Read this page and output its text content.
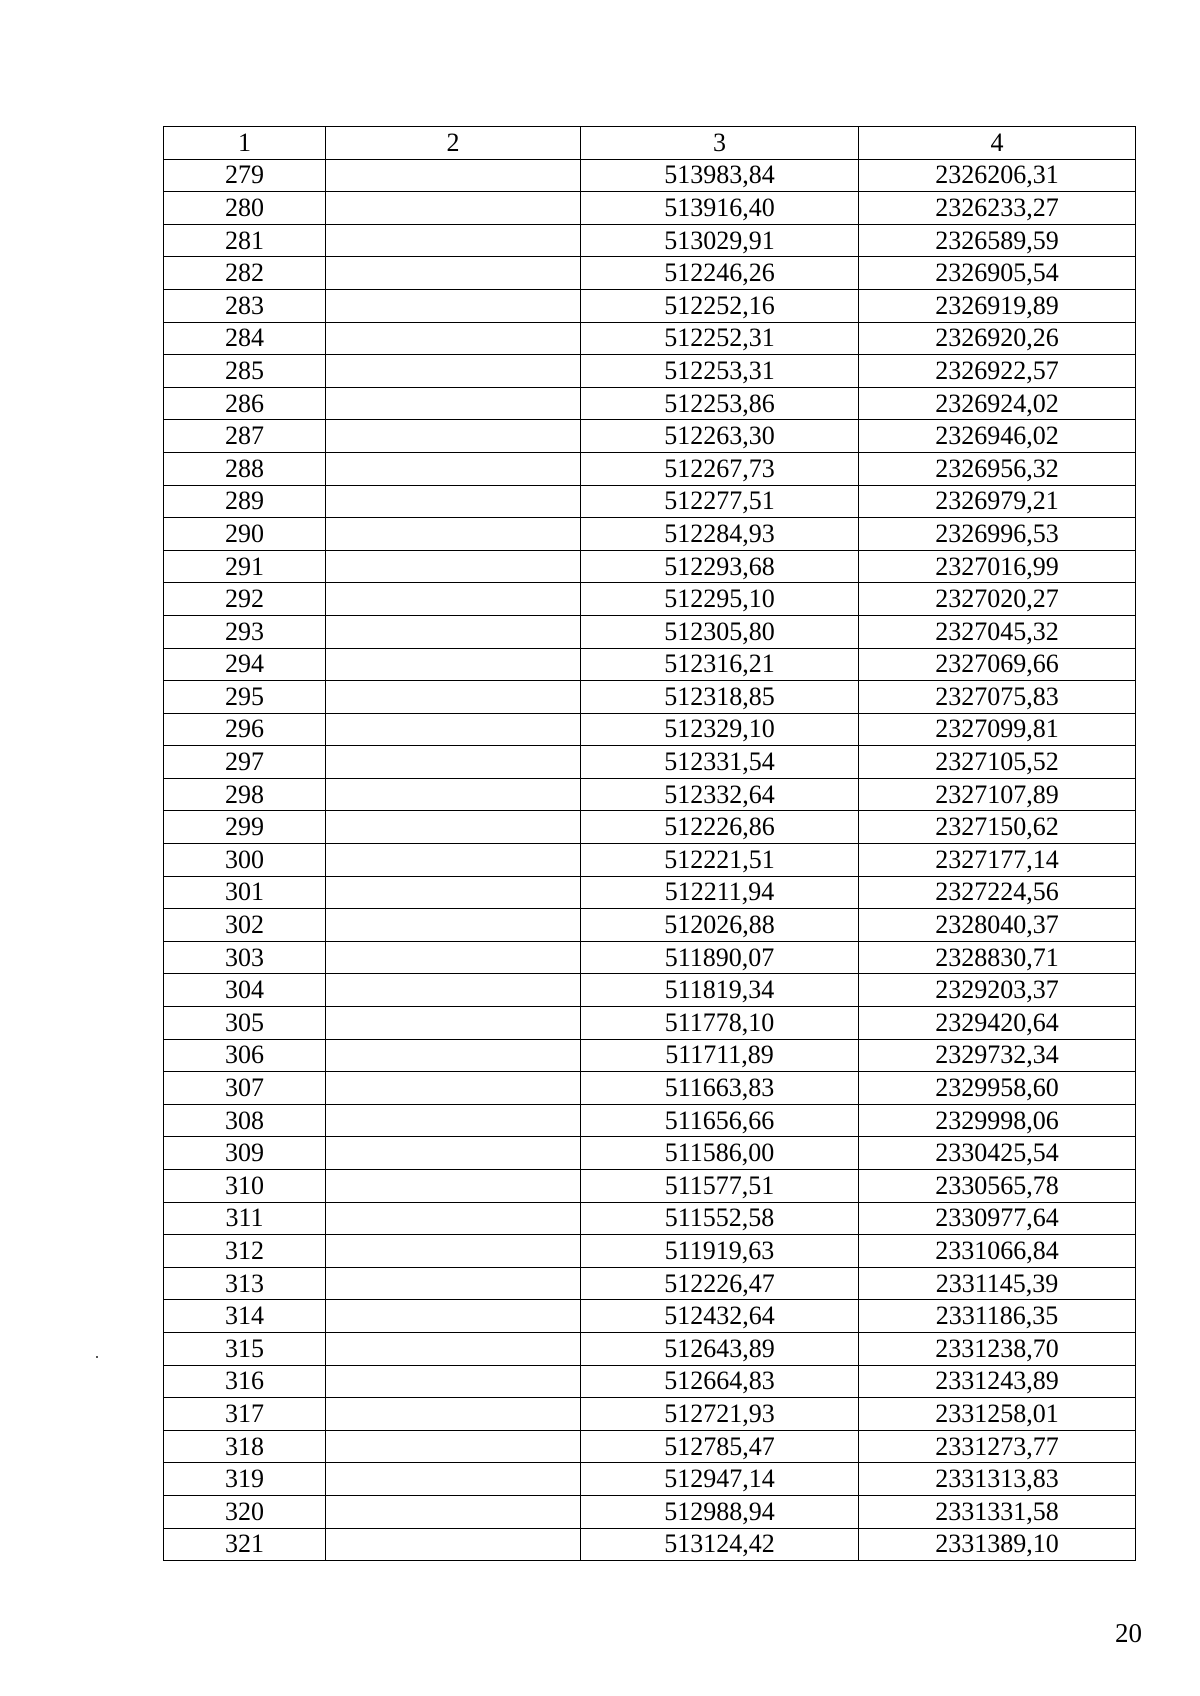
1	2	3	4
279		513983,84	2326206,31
280		513916,40	2326233,27
281		513029,91	2326589,59
282		512246,26	2326905,54
283		512252,16	2326919,89
284		512252,31	2326920,26
285		512253,31	2326922,57
286		512253,86	2326924,02
287		512263,30	2326946,02
288		512267,73	2326956,32
289		512277,51	2326979,21
290		512284,93	2326996,53
291		512293,68	2327016,99
292		512295,10	2327020,27
293		512305,80	2327045,32
294		512316,21	2327069,66
295		512318,85	2327075,83
296		512329,10	2327099,81
297		512331,54	2327105,52
298		512332,64	2327107,89
299		512226,86	2327150,62
300		512221,51	2327177,14
301		512211,94	2327224,56
302		512026,88	2328040,37
303		511890,07	2328830,71
304		511819,34	2329203,37
305		511778,10	2329420,64
306		511711,89	2329732,34
307		511663,83	2329958,60
308		511656,66	2329998,06
309		511586,00	2330425,54
310		511577,51	2330565,78
311		511552,58	2330977,64
312		511919,63	2331066,84
313		512226,47	2331145,39
314		512432,64	2331186,35
315		512643,89	2331238,70
316		512664,83	2331243,89
317		512721,93	2331258,01
318		512785,47	2331273,77
319		512947,14	2331313,83
320		512988,94	2331331,58
321		513124,42	2331389,10
20
